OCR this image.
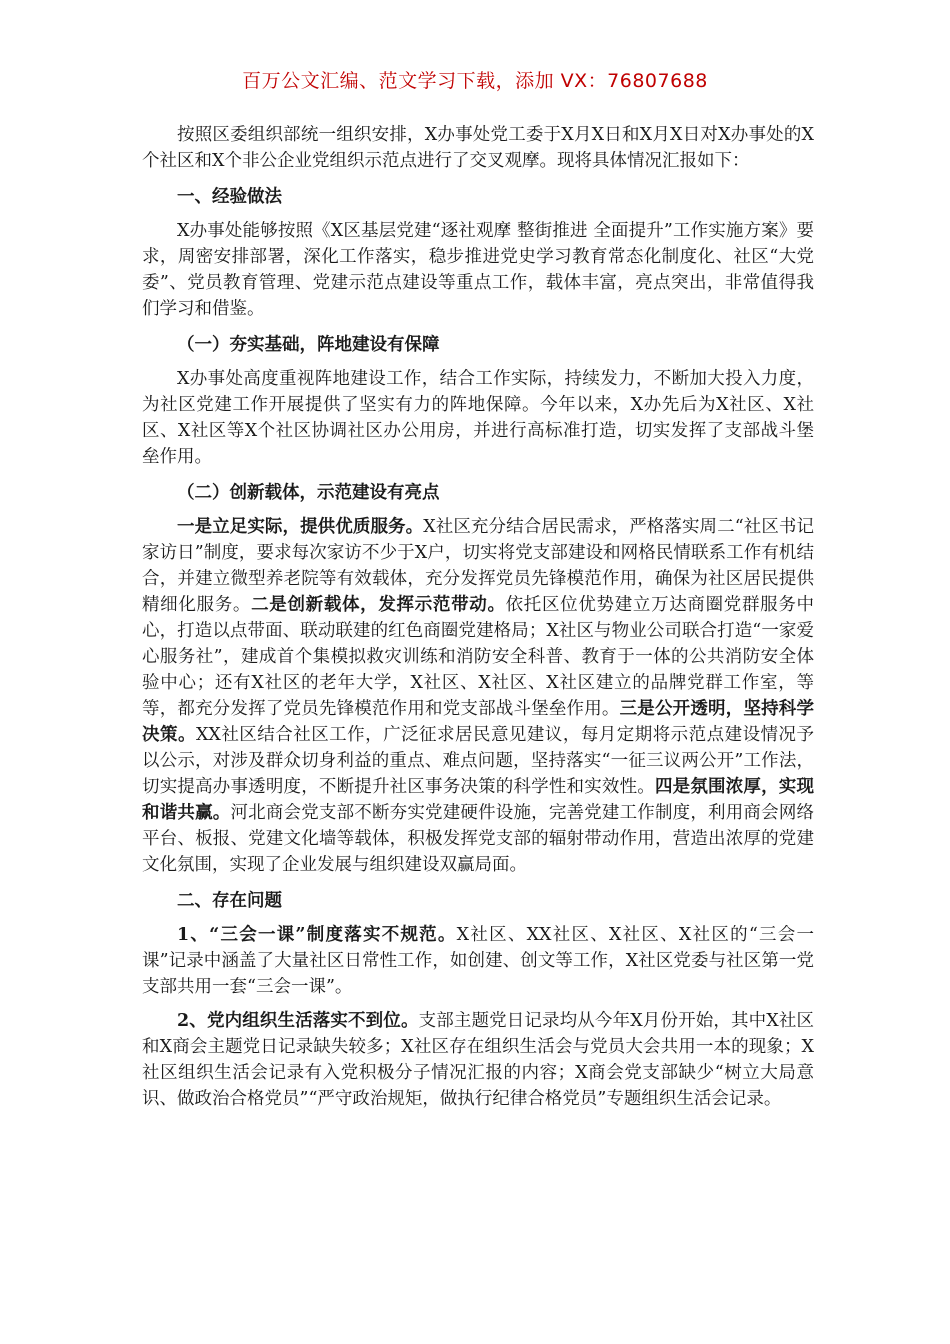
百万公文汇编、范文学习下载，添加 VX：76807688

按照区委组织部统一组织安排，X办事处党工委于X月X日和X月X日对X办事处的X个社区和X个非公企业党组织示范点进行了交叉观摩。现将具体情况汇报如下：

一、经验做法

X办事处能够按照《X区基层党建“逐社观摩 整街推进 全面提升”工作实施方案》要求，周密安排部署，深化工作落实，稳步推进党史学习教育常态化制度化、社区“大党委”、党员教育管理、党建示范点建设等重点工作，载体丰富，亮点突出，非常值得我们学习和借鉴。

（一）夯实基础，阵地建设有保障

X办事处高度重视阵地建设工作，结合工作实际，持续发力，不断加大投入力度，为社区党建工作开展提供了坚实有力的阵地保障。今年以来，X办先后为X社区、X社区、X社区等X个社区协调社区办公用房，并进行高标准打造，切实发挥了支部战斗堡垒作用。

（二）创新载体，示范建设有亮点

一是立足实际，提供优质服务。X社区充分结合居民需求，严格落实周二“社区书记家访日”制度，要求每次家访不少于X户，切实将党支部建设和网格民情联系工作有机结合，并建立微型养老院等有效载体，充分发挥党员先锋模范作用，确保为社区居民提供精细化服务。二是创新载体，发挥示范带动。依托区位优势建立万达商圈党群服务中心，打造以点带面、联动联建的红色商圈党建格局；X社区与物业公司联合打造“一家爱心服务社”，建成首个集模拟救灾训练和消防安全科普、教育于一体的公共消防安全体验中心；还有X社区的老年大学，X社区、X社区、X社区建立的品牌党群工作室，等等，都充分发挥了党员先锋模范作用和党支部战斗堡垒作用。三是公开透明，坚持科学决策。XX社区结合社区工作，广泛征求居民意见建议，每月定期将示范点建设情况予以公示，对涉及群众切身利益的重点、难点问题，坚持落实“一征三议两公开”工作法，切实提高办事透明度，不断提升社区事务决策的科学性和实效性。四是氛围浓厚，实现和谐共赢。河北商会党支部不断夯实党建硬件设施，完善党建工作制度，利用商会网络平台、板报、党建文化墙等载体，积极发挥党支部的辐射带动作用，营造出浓厚的党建文化氛围，实现了企业发展与组织建设双赢局面。

二、存在问题

1、“三会一课”制度落实不规范。X社区、XX社区、X社区、X社区的“三会一课”记录中涵盖了大量社区日常性工作，如创建、创文等工作，X社区党委与社区第一党支部共用一套“三会一课”。

2、党内组织生活落实不到位。支部主题党日记录均从今年X月份开始，其中X社区和X商会主题党日记录缺失较多；X社区存在组织生活会与党员大会共用一本的现象；X社区组织生活会记录有入党积极分子情况汇报的内容；X商会党支部缺少“树立大局意识、做政治合格党员”“严守政治规矩，做执行纪律合格党员”专题组织生活会记录。
